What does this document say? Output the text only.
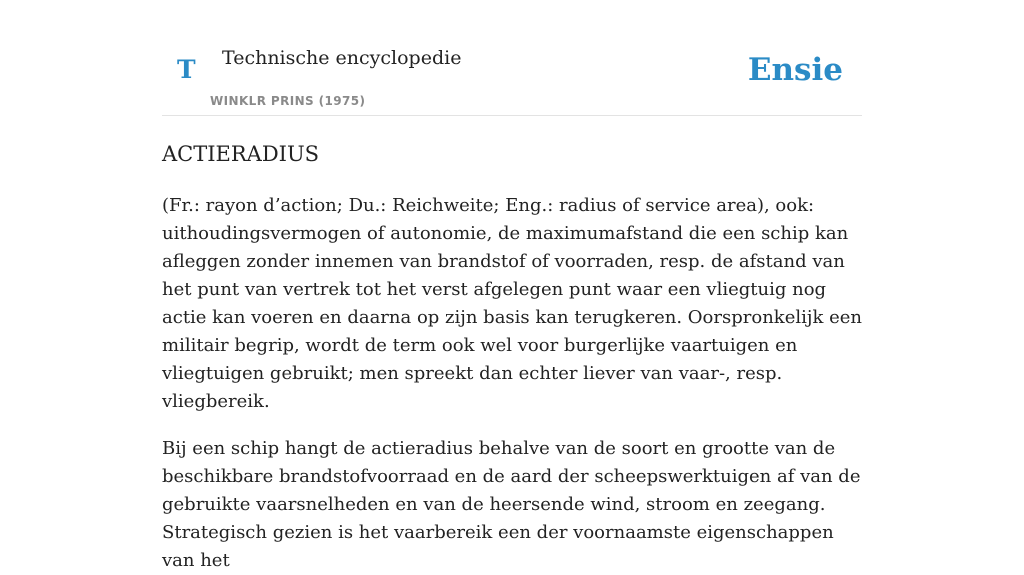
T Technische encyclopedie
WINKLR PRINS (1975)
Ensie
ACTIERADIUS

(Fr.: rayon d’action; Du.: Reichweite; Eng.: radius of service area), ook: uithoudingsvermogen of autonomie, de maximumafstand die een schip kan afleggen zonder innemen van brandstof of voorraden, resp. de afstand van het punt van vertrek tot het verst afgelegen punt waar een vliegtuig nog actie kan voeren en daarna op zijn basis kan terugkeren. Oorspronkelijk een militair begrip, wordt de term ook wel voor burgerlijke vaartuigen en vliegtuigen gebruikt; men spreekt dan echter liever van vaar-, resp. vliegbereik.

Bij een schip hangt de actieradius behalve van de soort en grootte van de beschikbare brandstofvoorraad en de aard der scheepswerktuigen af van de gebruikte vaarsnelheden en van de heersende wind, stroom en zeegang. Strategisch gezien is het vaarbereik een der voornaamste eigenschappen van het
